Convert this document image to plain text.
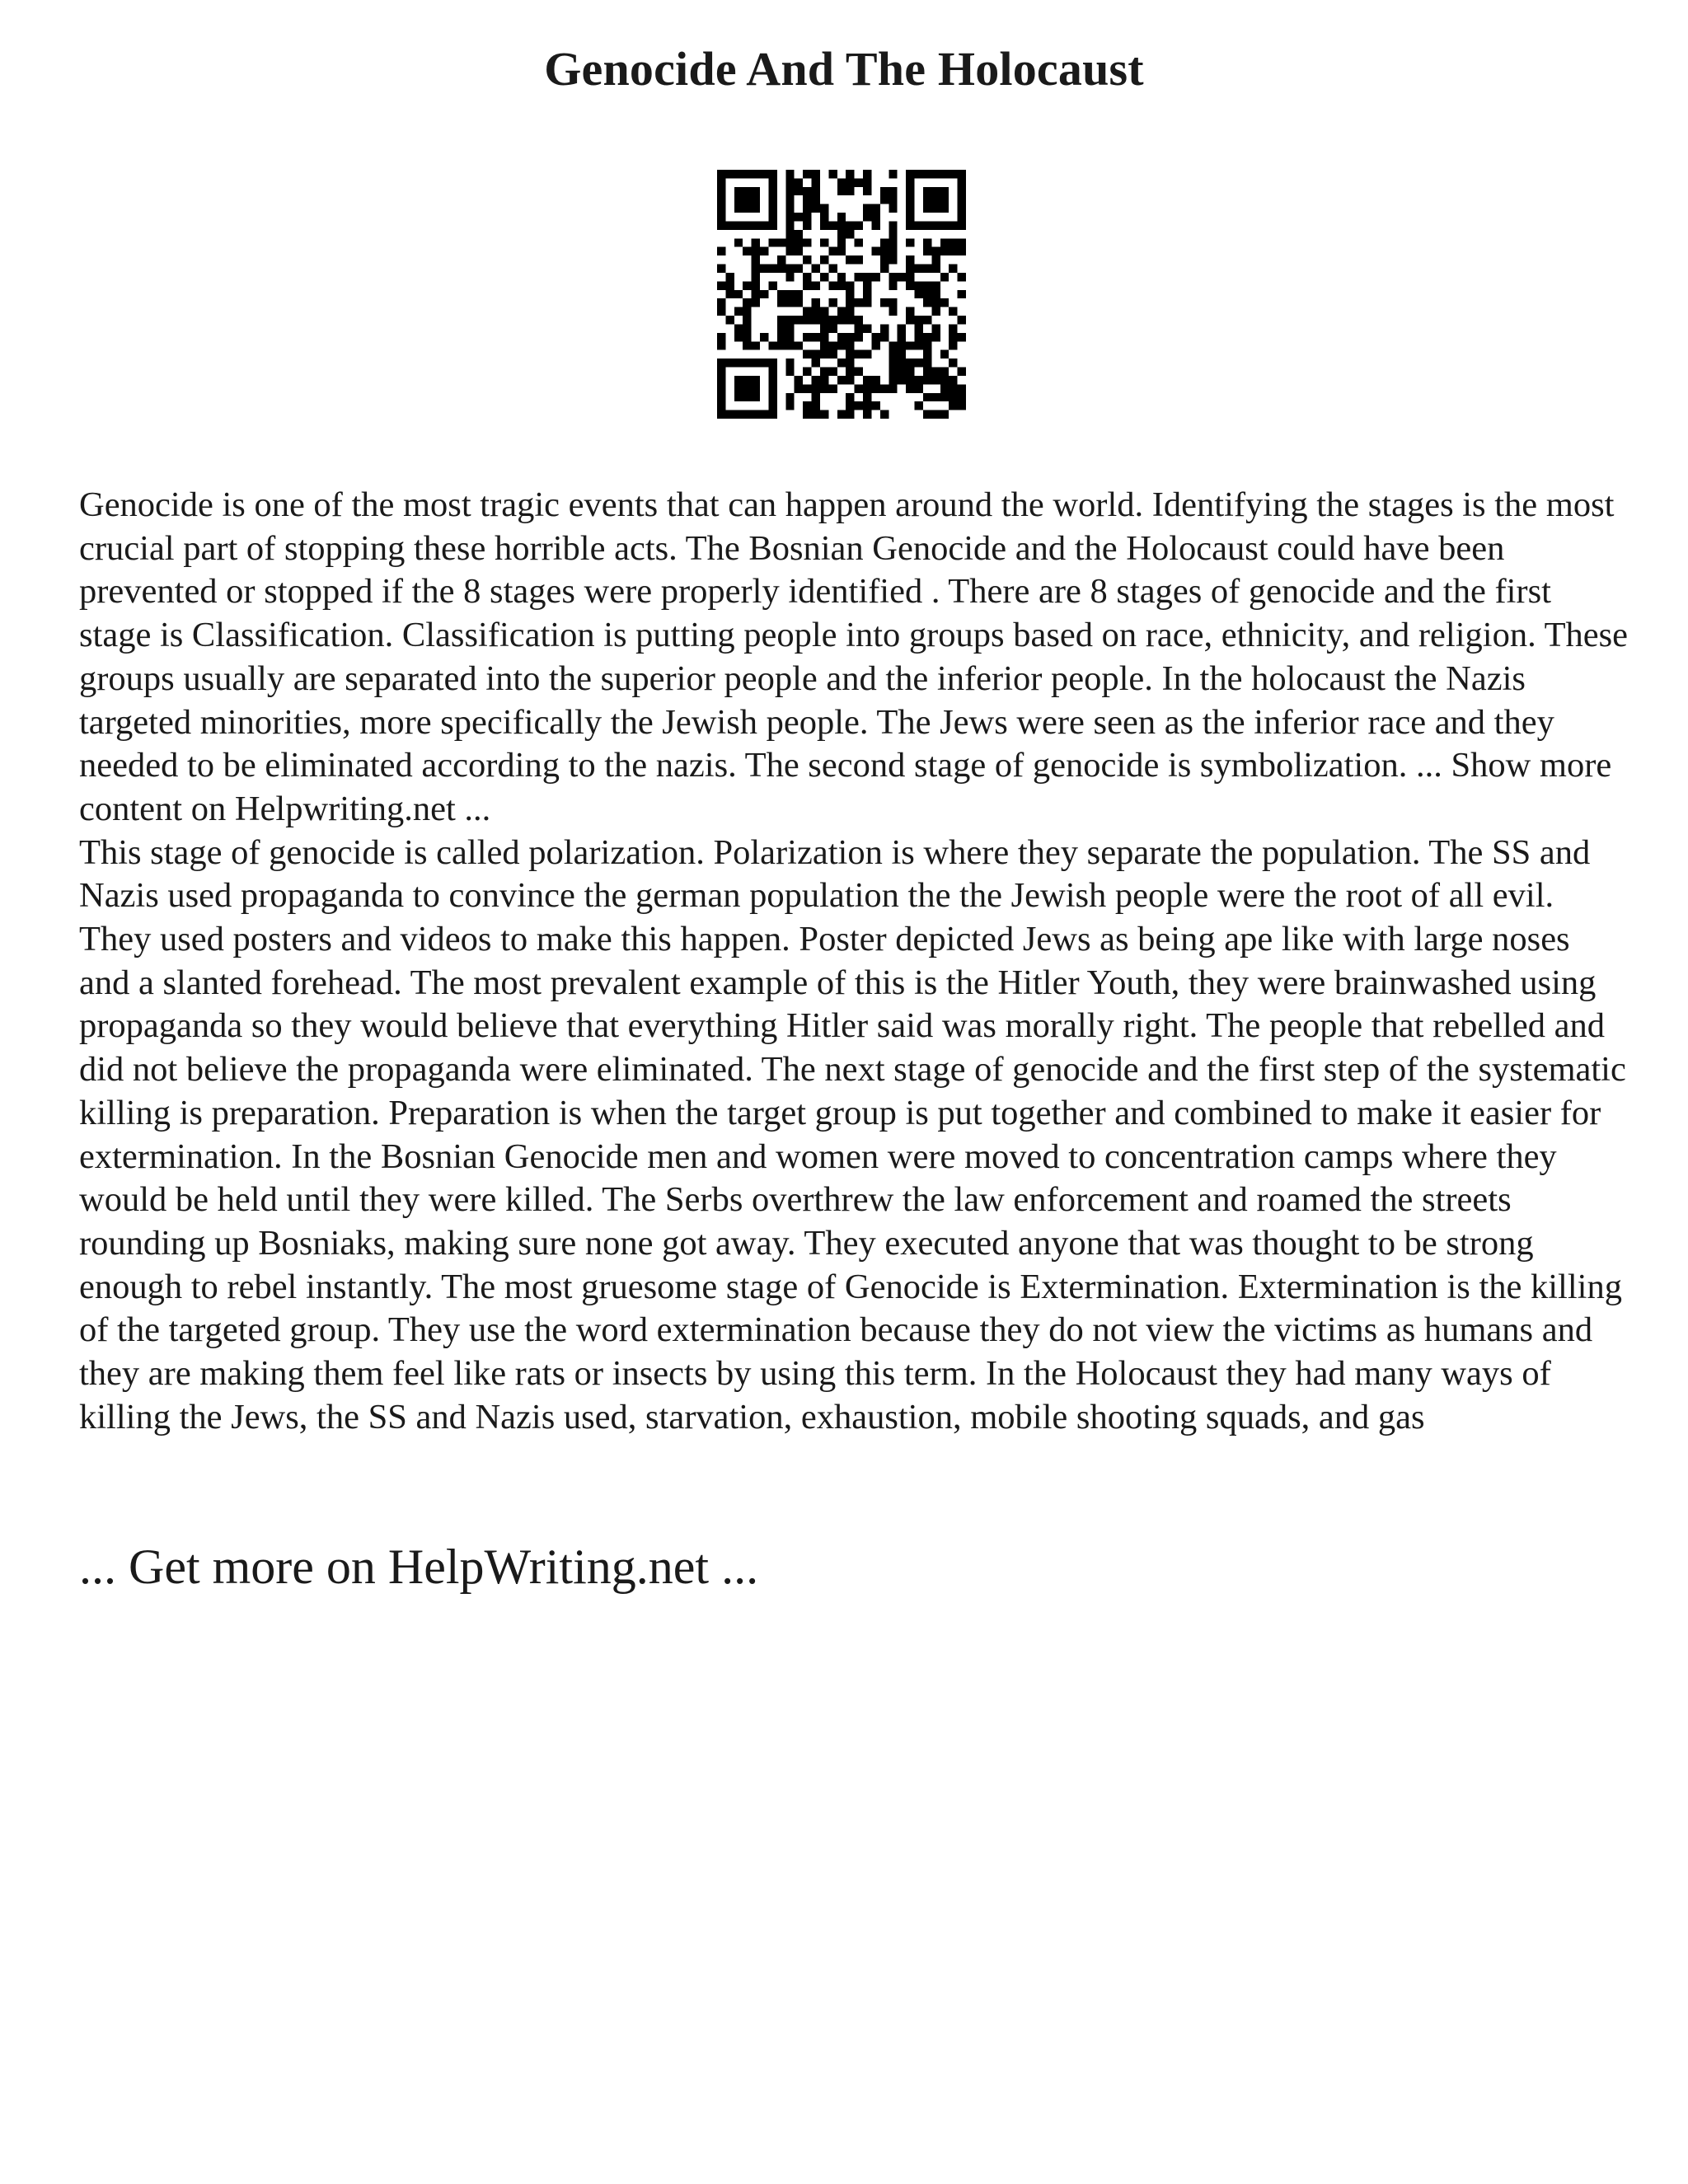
Genocide And The Holocaust

Genocide is one of the most tragic events that can happen around the world. Identifying the stages is the most crucial part of stopping these horrible acts. The Bosnian Genocide and the Holocaust could have been prevented or stopped if the 8 stages were properly identified . There are 8 stages of genocide and the first stage is Classification. Classification is putting people into groups based on race, ethnicity, and religion. These groups usually are separated into the superior people and the inferior people. In the holocaust the Nazis targeted minorities, more specifically the Jewish people. The Jews were seen as the inferior race and they needed to be eliminated according to the nazis. The second stage of genocide is symbolization. ... Show more content on Helpwriting.net ...

This stage of genocide is called polarization. Polarization is where they separate the population. The SS and Nazis used propaganda to convince the german population the the Jewish people were the root of all evil. They used posters and videos to make this happen. Poster depicted Jews as being ape like with large noses and a slanted forehead. The most prevalent example of this is the Hitler Youth, they were brainwashed using propaganda so they would believe that everything Hitler said was morally right. The people that rebelled and did not believe the propaganda were eliminated. The next stage of genocide and the first step of the systematic killing is preparation. Preparation is when the target group is put together and combined to make it easier for extermination. In the Bosnian Genocide men and women were moved to concentration camps where they would be held until they were killed. The Serbs overthrew the law enforcement and roamed the streets rounding up Bosniaks, making sure none got away. They executed anyone that was thought to be strong enough to rebel instantly. The most gruesome stage of Genocide is Extermination. Extermination is the killing of the targeted group. They use the word extermination because they do not view the victims as humans and they are making them feel like rats or insects by using this term. In the Holocaust they had many ways of killing the Jews, the SS and Nazis used, starvation, exhaustion, mobile shooting squads, and gas

... Get more on HelpWriting.net ...
